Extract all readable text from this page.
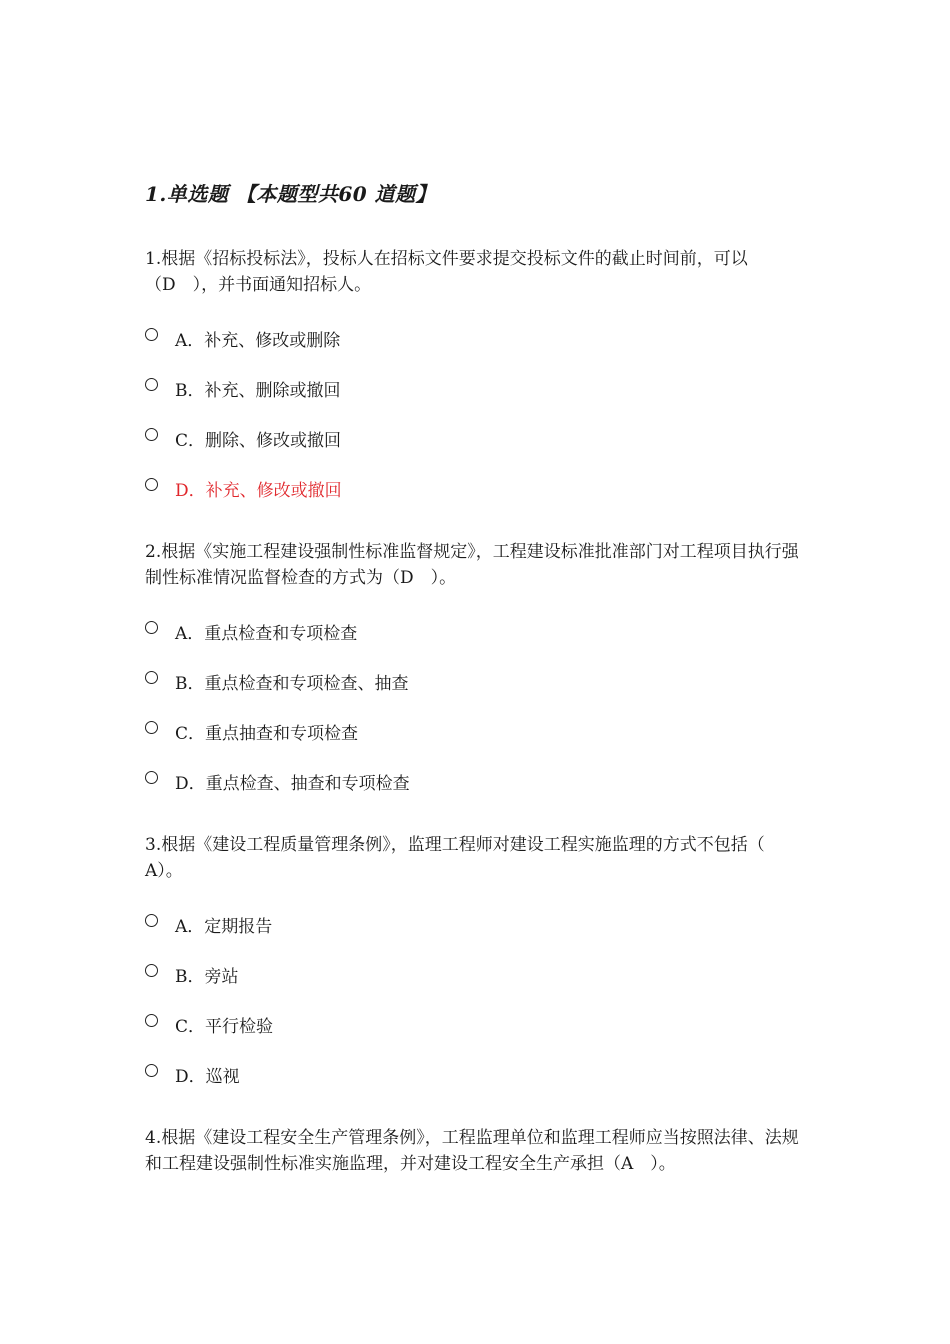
1.单选题 【本题型共60 道题】

1.根据《招标投标法》，投标人在招标文件要求提交投标文件的截止时间前，可以（D　），并书面通知招标人。

A．补充、修改或删除
B．补充、删除或撤回
C．删除、修改或撤回
D．补充、修改或撤回

2.根据《实施工程建设强制性标准监督规定》，工程建设标准批准部门对工程项目执行强制性标准情况监督检查的方式为（D　）。

A．重点检查和专项检查
B．重点检查和专项检查、抽查
C．重点抽查和专项检查
D．重点检查、抽查和专项检查

3.根据《建设工程质量管理条例》，监理工程师对建设工程实施监理的方式不包括（　A）。

A．定期报告
B．旁站
C．平行检验
D．巡视

4.根据《建设工程安全生产管理条例》，工程监理单位和监理工程师应当按照法律、法规和工程建设强制性标准实施监理，并对建设工程安全生产承担（A　）。
